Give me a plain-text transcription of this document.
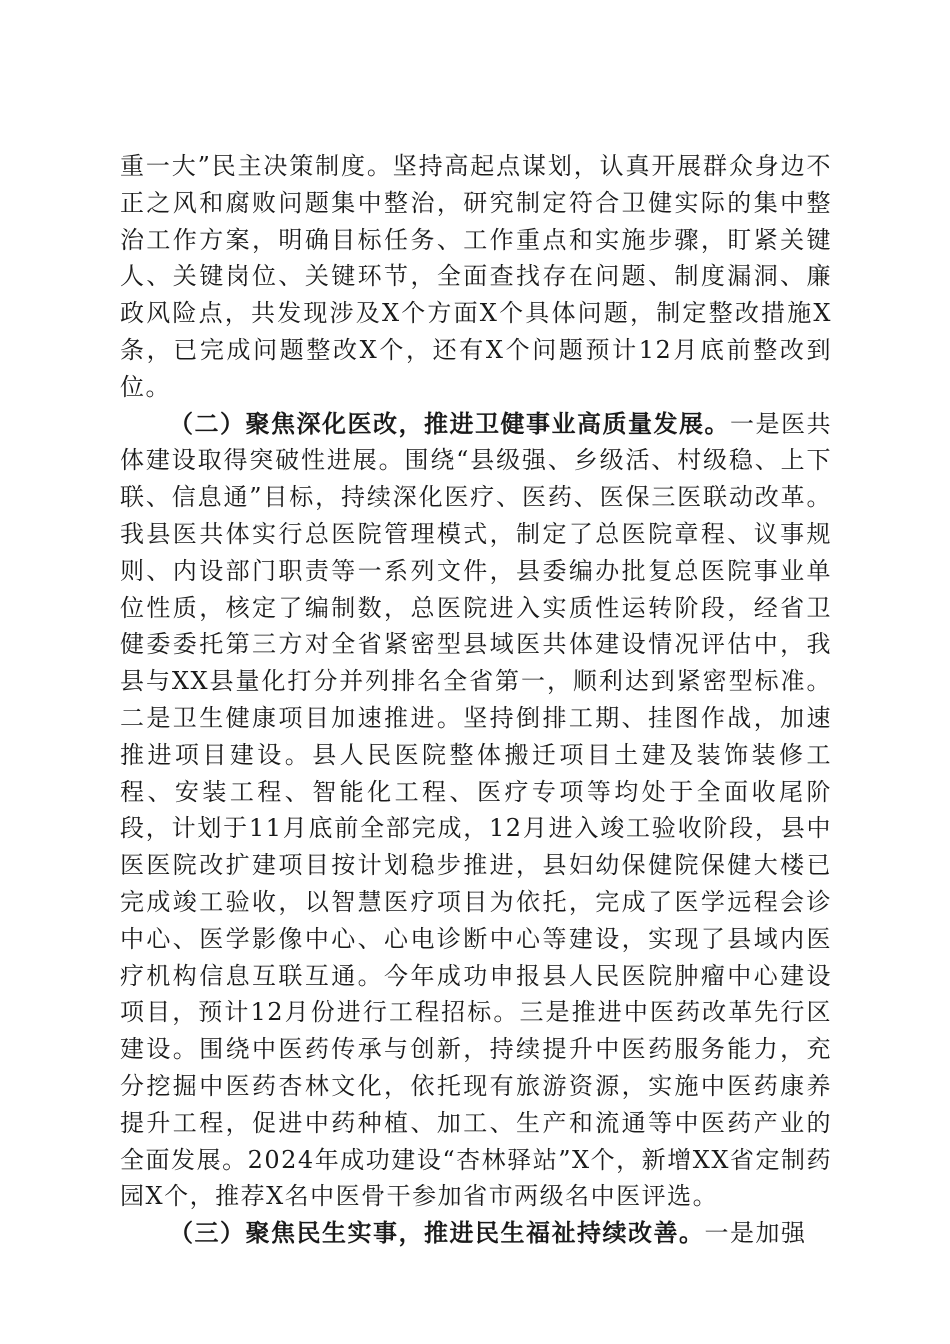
重一大”民主决策制度。坚持高起点谋划，认真开展群众身边不正之风和腐败问题集中整治，研究制定符合卫健实际的集中整治工作方案，明确目标任务、工作重点和实施步骤，盯紧关键人、关键岗位、关键环节，全面查找存在问题、制度漏洞、廉政风险点，共发现涉及X个方面X个具体问题，制定整改措施X条，已完成问题整改X个，还有X个问题预计12月底前整改到位。

（二）聚焦深化医改，推进卫健事业高质量发展。一是医共体建设取得突破性进展。围绕“县级强、乡级活、村级稳、上下联、信息通”目标，持续深化医疗、医药、医保三医联动改革。我县医共体实行总医院管理模式，制定了总医院章程、议事规则、内设部门职责等一系列文件，县委编办批复总医院事业单位性质，核定了编制数，总医院进入实质性运转阶段，经省卫健委委托第三方对全省紧密型县域医共体建设情况评估中，我县与XX县量化打分并列排名全省第一，顺利达到紧密型标准。二是卫生健康项目加速推进。坚持倒排工期、挂图作战，加速推进项目建设。县人民医院整体搬迁项目土建及装饰装修工程、安装工程、智能化工程、医疗专项等均处于全面收尾阶段，计划于11月底前全部完成，12月进入竣工验收阶段，县中医医院改扩建项目按计划稳步推进，县妇幼保健院保健大楼已完成竣工验收，以智慧医疗项目为依托，完成了医学远程会诊中心、医学影像中心、心电诊断中心等建设，实现了县域内医疗机构信息互联互通。今年成功申报县人民医院肿瘤中心建设项目，预计12月份进行工程招标。三是推进中医药改革先行区建设。围绕中医药传承与创新，持续提升中医药服务能力，充分挖掘中医药杏林文化，依托现有旅游资源，实施中医药康养提升工程，促进中药种植、加工、生产和流通等中医药产业的全面发展。2024年成功建设“杏林驿站”X个，新增XX省定制药园X个，推荐X名中医骨干参加省市两级名中医评选。

（三）聚焦民生实事，推进民生福祉持续改善。一是加强
